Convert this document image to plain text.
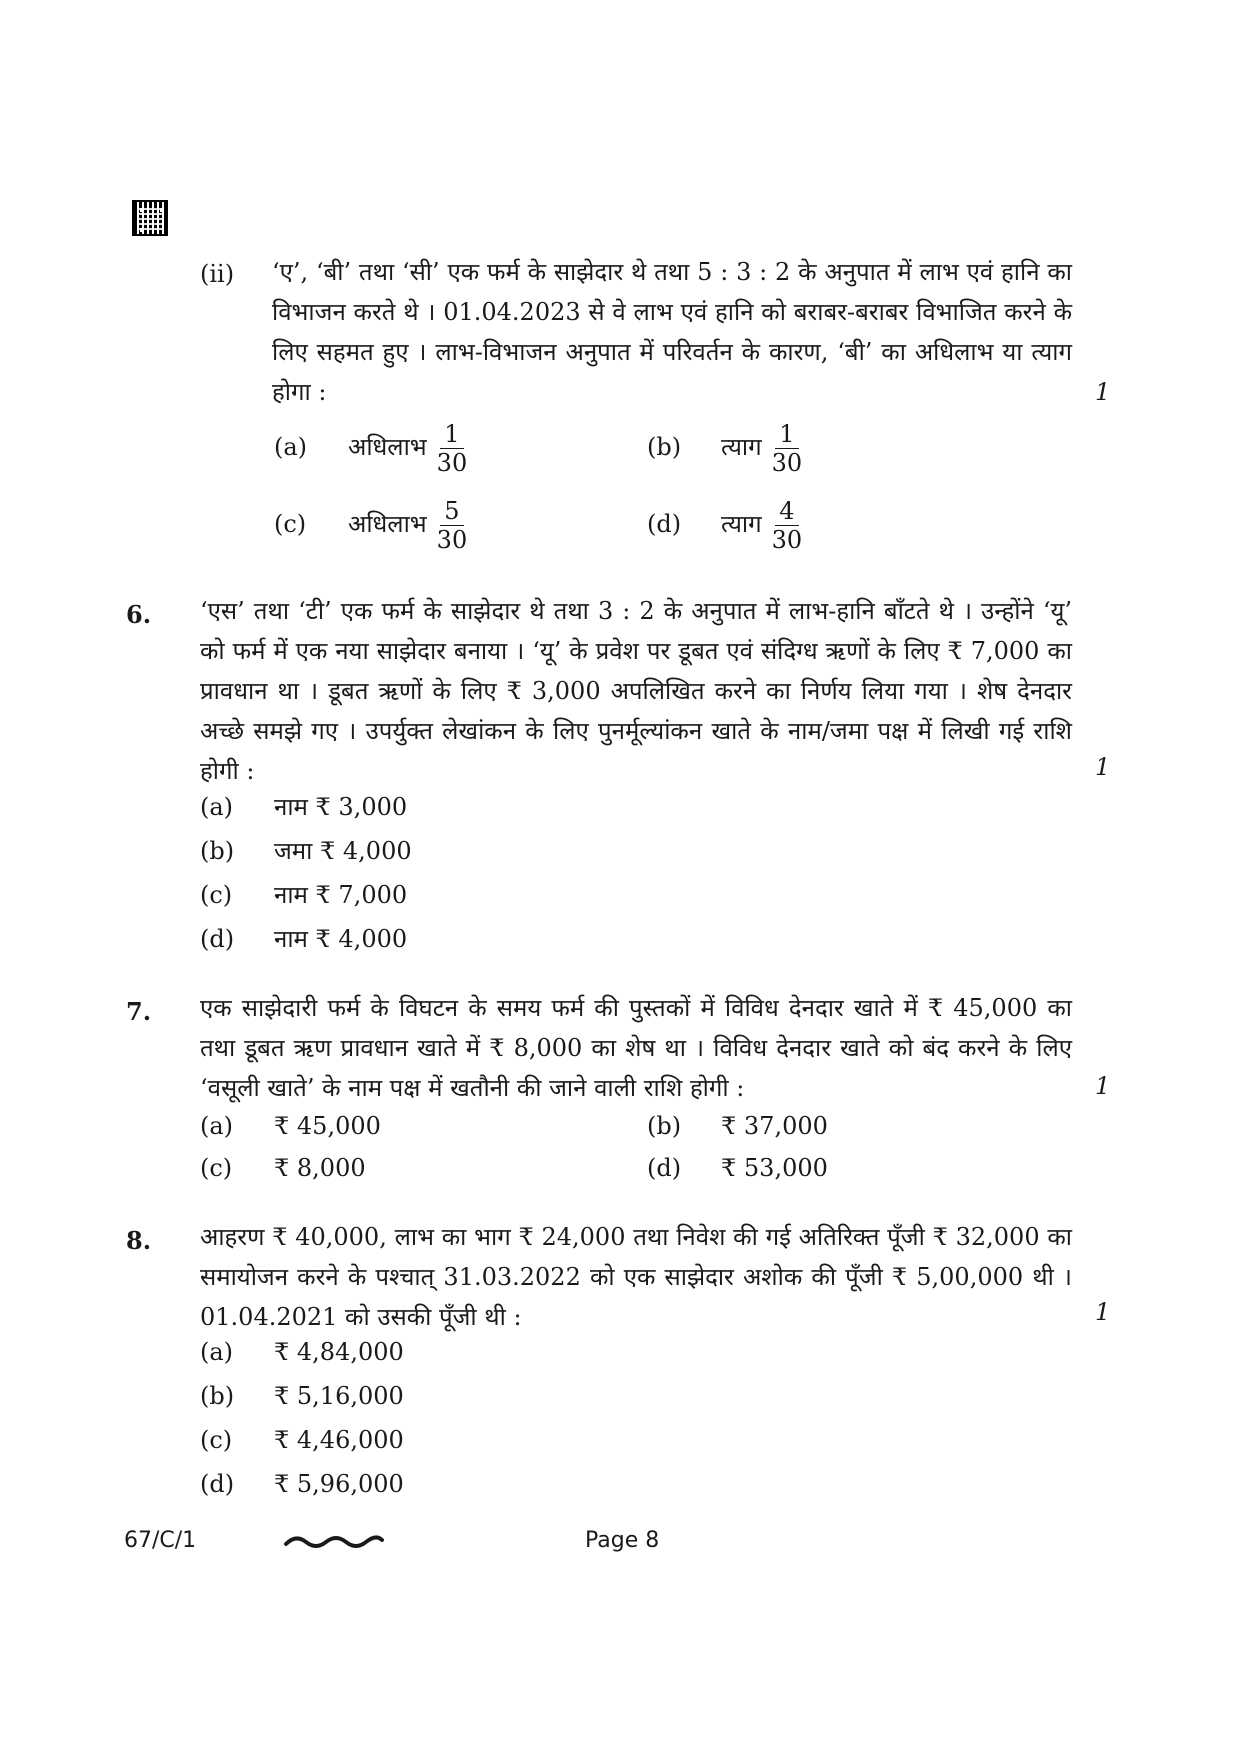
(ii) ‘ए’, ‘बी’ तथा ‘सी’ एक फर्म के साझेदार थे तथा 5 : 3 : 2 के अनुपात में लाभ एवं हानि का विभाजन करते थे । 01.04.2023 से वे लाभ एवं हानि को बराबर-बराबर विभाजित करने के लिए सहमत हुए । लाभ-विभाजन अनुपात में परिवर्तन के कारण, ‘बी’ का अधिलाभ या त्याग होगा :	1
(a) अधिलाभ $\frac{1}{30}$	(b) त्याग $\frac{1}{30}$
(c) अधिलाभ $\frac{5}{30}$	(d) त्याग $\frac{4}{30}$
6. ‘एस’ तथा ‘टी’ एक फर्म के साझेदार थे तथा 3 : 2 के अनुपात में लाभ-हानि बाँटते थे । उन्होंने ‘यू’ को फर्म में एक नया साझेदार बनाया । ‘यू’ के प्रवेश पर डूबत एवं संदिग्ध ऋणों के लिए ₹ 7,000 का प्रावधान था । डूबत ऋणों के लिए ₹ 3,000 अपलिखित करने का निर्णय लिया गया । शेष देनदार अच्छे समझे गए । उपर्युक्त लेखांकन के लिए पुनर्मूल्यांकन खाते के नाम/जमा पक्ष में लिखी गई राशि होगी :	1
(a) नाम ₹ 3,000
(b) जमा ₹ 4,000
(c) नाम ₹ 7,000
(d) नाम ₹ 4,000
7. एक साझेदारी फर्म के विघटन के समय फर्म की पुस्तकों में विविध देनदार खाते में ₹ 45,000 का तथा डूबत ऋण प्रावधान खाते में ₹ 8,000 का शेष था । विविध देनदार खाते को बंद करने के लिए ‘वसूली खाते’ के नाम पक्ष में खतौनी की जाने वाली राशि होगी :	1
(a) ₹ 45,000	(b) ₹ 37,000
(c) ₹ 8,000	(d) ₹ 53,000
8. आहरण ₹ 40,000, लाभ का भाग ₹ 24,000 तथा निवेश की गई अतिरिक्त पूँजी ₹ 32,000 का समायोजन करने के पश्चात् 31.03.2022 को एक साझेदार अशोक की पूँजी ₹ 5,00,000 थी । 01.04.2021 को उसकी पूँजी थी :	1
(a) ₹ 4,84,000
(b) ₹ 5,16,000
(c) ₹ 4,46,000
(d) ₹ 5,96,000
67/C/1	Page 8
